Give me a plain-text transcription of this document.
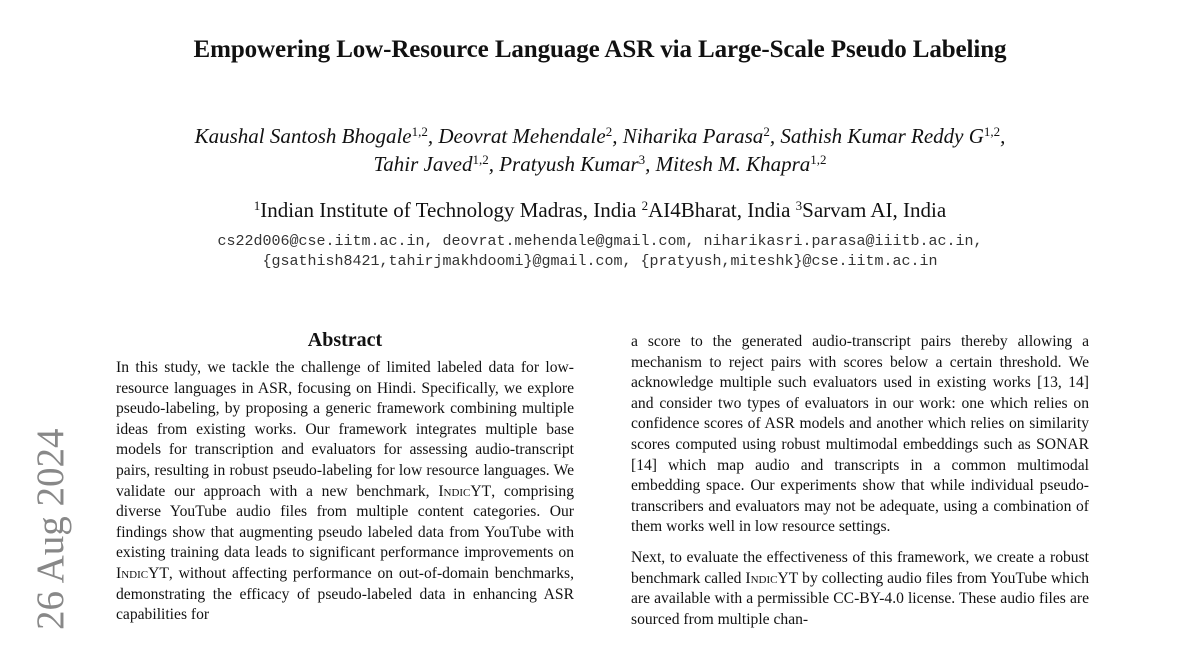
Empowering Low-Resource Language ASR via Large-Scale Pseudo Labeling
Kaushal Santosh Bhogale$^{1,2}$, Deovrat Mehendale$^2$, Niharika Parasa$^2$, Sathish Kumar Reddy G$^{1,2}$,
Tahir Javed$^{1,2}$, Pratyush Kumar$^3$, Mitesh M. Khapra$^{1,2}$
$^1$Indian Institute of Technology Madras, India $^2$AI4Bharat, India $^3$Sarvam AI, India
cs22d006@cse.iitm.ac.in, deovrat.mehendale@gmail.com, niharikasri.parasa@iiitb.ac.in,
{gsathish8421,tahirjmakhdoomi}@gmail.com, {pratyush,miteshk}@cse.iitm.ac.in
26 Aug 2024
Abstract

In this study, we tackle the challenge of limited labeled data for low-resource languages in ASR, focusing on Hindi. Specifically, we explore pseudo-labeling, by proposing a generic framework combining multiple ideas from existing works. Our framework integrates multiple base models for transcription and evaluators for assessing audio-transcript pairs, resulting in robust pseudo-labeling for low resource languages. We validate our approach with a new benchmark, IndicYT, comprising diverse YouTube audio files from multiple content categories. Our findings show that augmenting pseudo labeled data from YouTube with existing training data leads to significant performance improvements on IndicYT, without affecting performance on out-of-domain benchmarks, demonstrating the efficacy of pseudo-labeled data in enhancing ASR capabilities for

a score to the generated audio-transcript pairs thereby allowing a mechanism to reject pairs with scores below a certain threshold. We acknowledge multiple such evaluators used in existing works [13, 14] and consider two types of evaluators in our work: one which relies on confidence scores of ASR models and another which relies on similarity scores computed using robust multimodal embeddings such as SONAR [14] which map audio and transcripts in a common multimodal embedding space. Our experiments show that while individual pseudo-transcribers and evaluators may not be adequate, using a combination of them works well in low resource settings.

Next, to evaluate the effectiveness of this framework, we create a robust benchmark called IndicYT by collecting audio files from YouTube which are available with a permissible CC-BY-4.0 license. These audio files are sourced from multiple chan-
